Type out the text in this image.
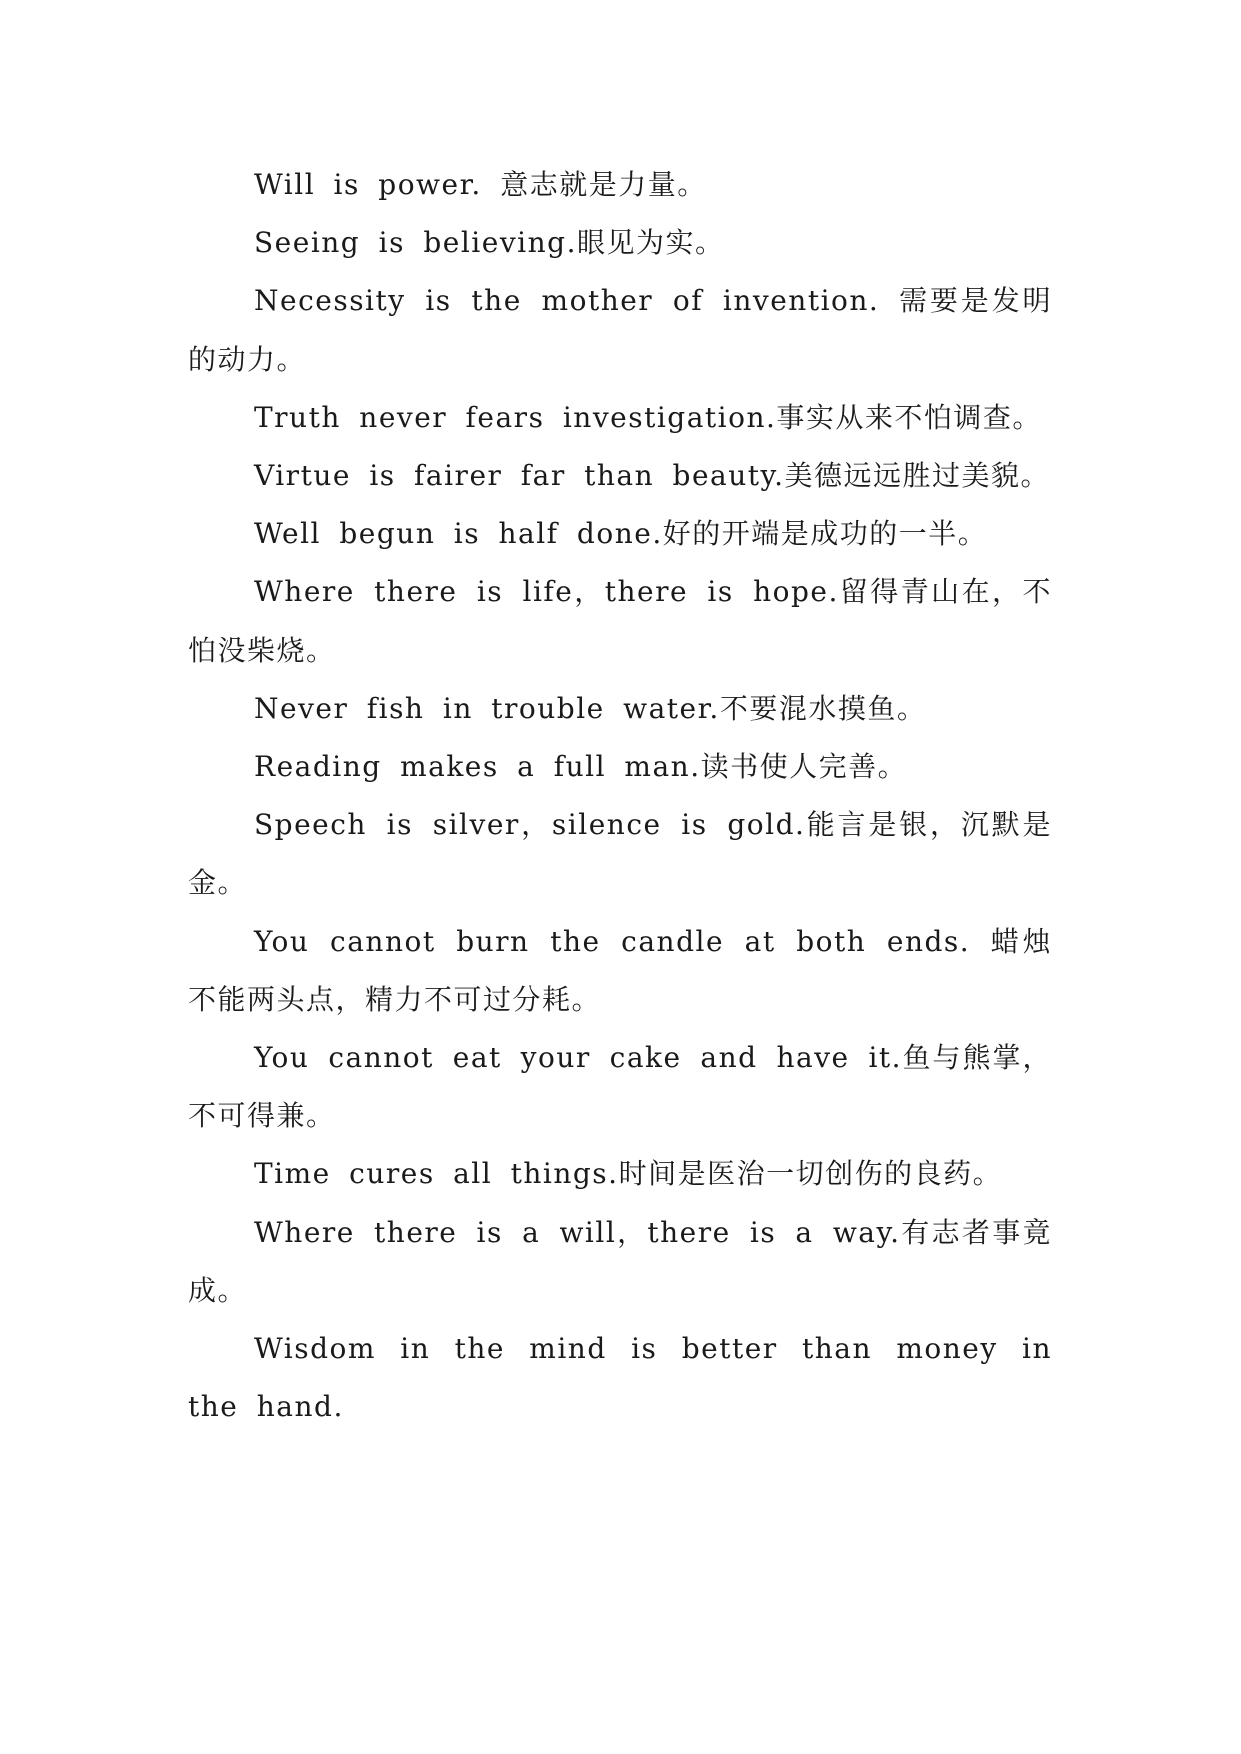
Will is power. 意志就是力量。

Seeing is believing.眼见为实。

Necessity is the mother of invention. 需要是发明的动力。

Truth never fears investigation.事实从来不怕调查。

Virtue is fairer far than beauty.美德远远胜过美貌。

Well begun is half done.好的开端是成功的一半。

Where there is life，there is hope.留得青山在，不怕没柴烧。

Never fish in trouble water.不要混水摸鱼。

Reading makes a full man.读书使人完善。

Speech is silver，silence is gold.能言是银，沉默是金。

You cannot burn the candle at both ends. 蜡烛不能两头点，精力不可过分耗。

You cannot eat your cake and have it.鱼与熊掌，不可得兼。

Time cures all things.时间是医治一切创伤的良药。

Where there is a will，there is a way.有志者事竟成。

Wisdom in the mind is better than money in the hand.
